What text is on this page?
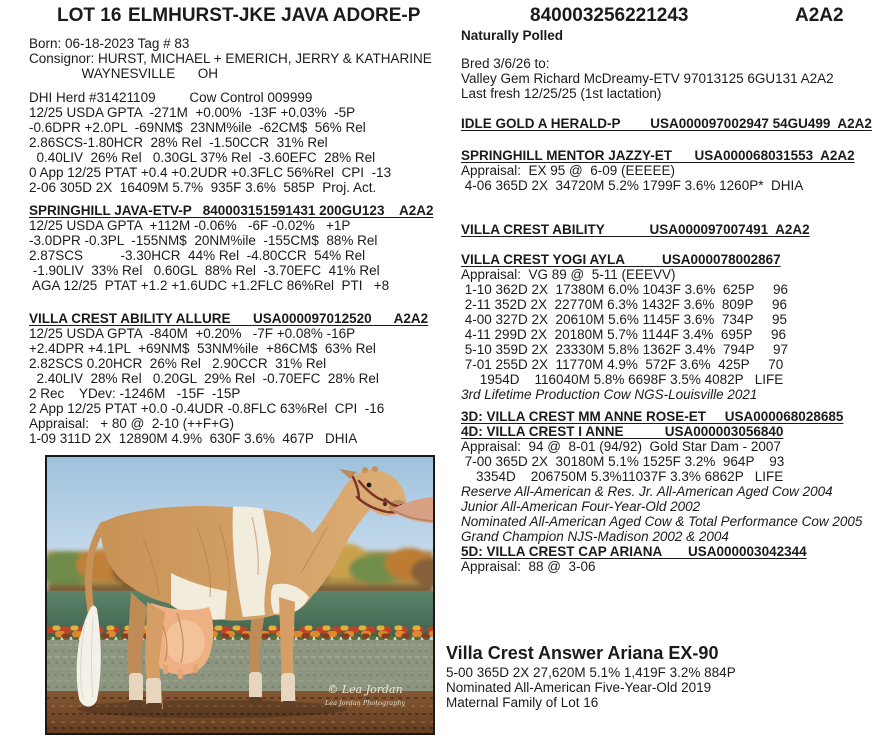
LOT 16

ELMHURST-JKE JAVA ADORE-P

	840003256221243

	A2A2

Born: 06-18-2023 Tag # 83
Consignor: HURST, MICHAEL + EMERICH, JERRY & KATHARINE
WAYNESVILLE      OH
DHI Herd #31421109         Cow Control 009999
12/25 USDA GPTA  -271M  +0.00%  -13F +0.03%  -5P
-0.6DPR +2.0PL  -69NM$  23NM%ile  -62CM$  56% Rel
2.86SCS-1.80HCR  28% Rel  -1.50CCR  31% Rel
0.40LIV  26% Rel   0.30GL 37% Rel  -3.60EFC  28% Rel
0 App 12/25 PTAT +0.4 +0.2UDR +0.3FLC 56%Rel  CPI  -13
2-06 305D 2X  16409M 5.7%  935F 3.6%  585P  Proj. Act.
SPRINGHILL JAVA-ETV-P   840003151591431 200GU123    A2A2
12/25 USDA GPTA  +112M -0.06%   -6F -0.02%   +1P
-3.0DPR -0.3PL  -155NM$  20NM%ile  -155CM$  88% Rel
2.87SCS          -3.30HCR  44% Rel  -4.80CCR  54% Rel
-1.90LIV  33% Rel   0.60GL  88% Rel  -3.70EFC  41% Rel
AGA 12/25  PTAT +1.2 +1.6UDC +1.2FLC 86%Rel  PTI   +8
VILLA CREST ABILITY ALLURE      USA000097012520      A2A2
12/25 USDA GPTA  -840M  +0.20%   -7F +0.08% -16P
+2.4DPR +4.1PL  +69NM$  53NM%ile  +86CM$  63% Rel
2.82SCS 0.20HCR  26% Rel   2.90CCR  31% Rel
2.40LIV  28% Rel   0.20GL  29% Rel  -0.70EFC  28% Rel
2 Rec    YDev: -1246M   -15F  -15P
2 App 12/25 PTAT +0.0 -0.4UDR -0.8FLC 63%Rel  CPI  -16
Appraisal:   + 80 @  2-10 (++F+G)
1-09 311D 2X  12890M 4.9%  630F 3.6%  467P   DHIA
Naturally Polled
Bred 3/6/26 to:
Valley Gem Richard McDreamy-ETV 97013125 6GU131 A2A2
Last fresh 12/25/25 (1st lactation)
IDLE GOLD A HERALD-P        USA000097002947 54GU499  A2A2
SPRINGHILL MENTOR JAZZY-ET      USA000068031553  A2A2
Appraisal:  EX 95 @  6-09 (EEEEE)
4-06 365D 2X  34720M 5.2% 1799F 3.6% 1260P*  DHIA
VILLA CREST ABILITY            USA000097007491  A2A2
VILLA CREST YOGI AYLA          USA000078002867
Appraisal:  VG 89 @  5-11 (EEEVV)
1-10 362D 2X  17380M 6.0% 1043F 3.6%  625P     96
2-11 352D 2X  22770M 6.3% 1432F 3.6%  809P     96
4-00 327D 2X  20610M 5.6% 1145F 3.6%  734P     95
4-11 299D 2X  20180M 5.7% 1144F 3.4%  695P     96
5-10 359D 2X  23330M 5.8% 1362F 3.4%  794P     97
7-01 255D 2X  11770M 4.9%  572F 3.6%  425P     70
1954D    116040M 5.8% 6698F 3.5% 4082P   LIFE
3rd Lifetime Production Cow NGS-Louisville 2021
3D: VILLA CREST MM ANNE ROSE-ET     USA000068028685
4D: VILLA CREST I ANNE           USA000003056840
Appraisal:  94 @  8-01 (94/92)  Gold Star Dam - 2007
7-00 365D 2X  30180M 5.1% 1525F 3.2%  964P    93
3354D    206750M 5.3%11037F 3.3% 6862P   LIFE
Reserve All-American & Res. Jr. All-American Aged Cow 2004
Junior All-American Four-Year-Old 2002
Nominated All-American Aged Cow & Total Performance Cow 2005
Grand Champion NJS-Madison 2002 & 2004
5D: VILLA CREST CAP ARIANA       USA000003042344
Appraisal:  88 @  3-06
© Lea Jordan
Lea Jordan Photography
Villa Crest Answer Ariana EX-90
5-00 365D 2X 27,620M 5.1% 1,419F 3.2% 884P
Nominated All-American Five-Year-Old 2019
Maternal Family of Lot 16
